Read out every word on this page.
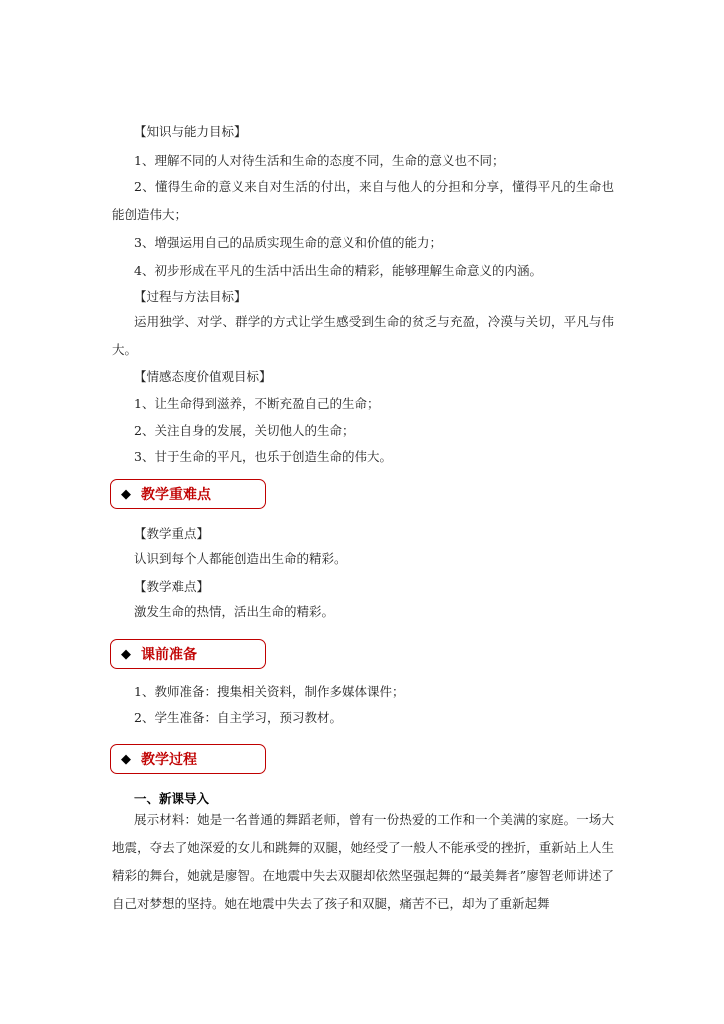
【知识与能力目标】
1、理解不同的人对待生活和生命的态度不同，生命的意义也不同；
2、懂得生命的意义来自对生活的付出，来自与他人的分担和分享，懂得平凡的生命也能创造伟大；
3、增强运用自己的品质实现生命的意义和价值的能力；
4、初步形成在平凡的生活中活出生命的精彩，能够理解生命意义的内涵。
【过程与方法目标】
运用独学、对学、群学的方式让学生感受到生命的贫乏与充盈，冷漠与关切，平凡与伟大。
【情感态度价值观目标】
1、让生命得到滋养，不断充盈自己的生命；
2、关注自身的发展，关切他人的生命；
3、甘于生命的平凡，也乐于创造生命的伟大。
◆ 教学重难点
【教学重点】
认识到每个人都能创造出生命的精彩。
【教学难点】
激发生命的热情，活出生命的精彩。
◆ 课前准备
1、教师准备：搜集相关资料，制作多媒体课件；
2、学生准备：自主学习，预习教材。
◆ 教学过程
一、新课导入
展示材料：她是一名普通的舞蹈老师，曾有一份热爱的工作和一个美满的家庭。一场大地震，夺去了她深爱的女儿和跳舞的双腿，她经受了一般人不能承受的挫折，重新站上人生精彩的舞台，她就是廖智。在地震中失去双腿却依然坚强起舞的“最美舞者”廖智老师讲述了自己对梦想的坚持。她在地震中失去了孩子和双腿，痛苦不已，却为了重新起舞
